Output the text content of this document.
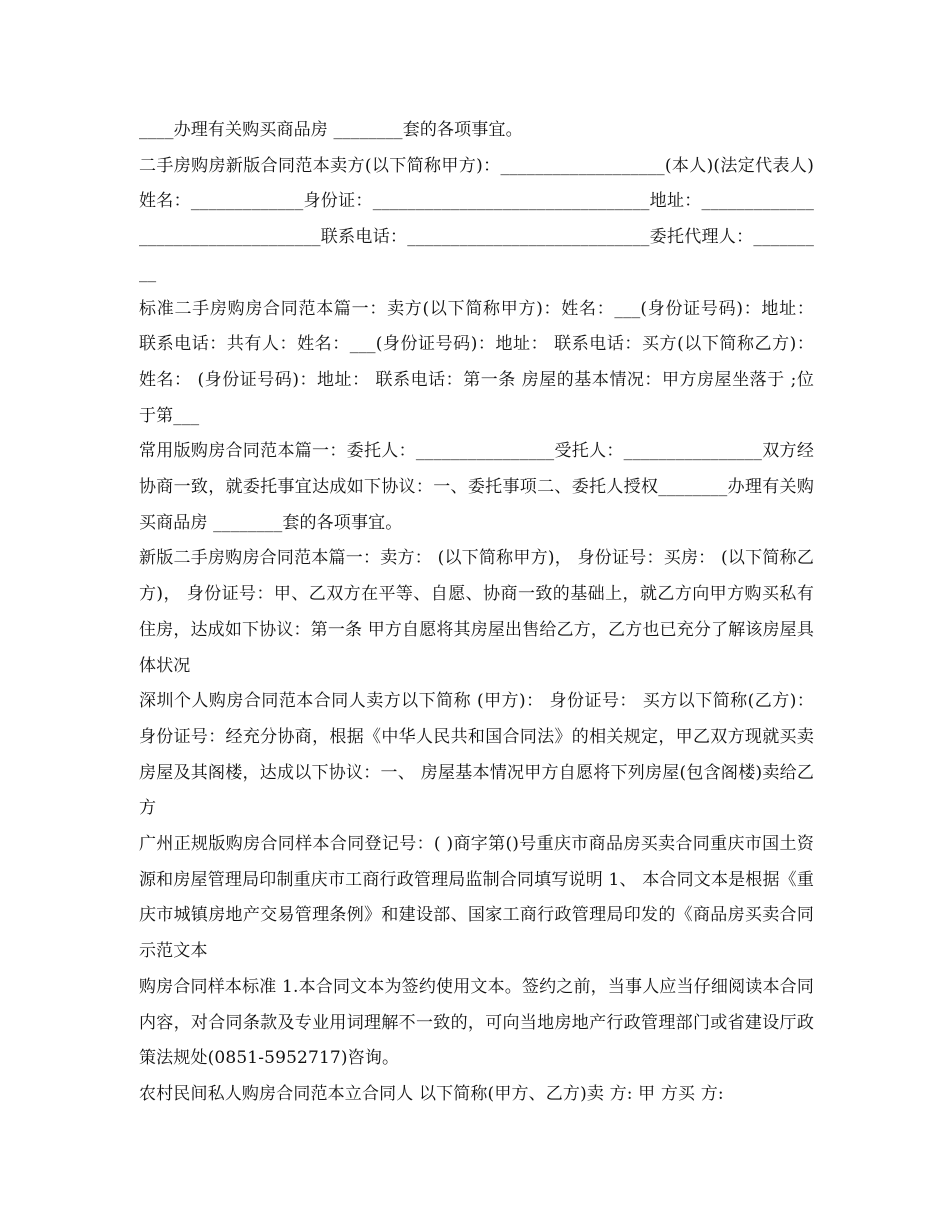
____办理有关购买商品房 ________套的各项事宜。

二手房购房新版合同范本卖方(以下简称甲方)：___________________(本人)(法定代表人)姓名：_____________身份证：________________________________地址：__________________________________联系电话：____________________________委托代理人：_________

标准二手房购房合同范本篇一：卖方(以下简称甲方)：姓名：___(身份证号码)：地址： 联系电话：共有人：姓名：___(身份证号码)：地址： 联系电话：买方(以下简称乙方)：姓名： (身份证号码)：地址： 联系电话：第一条 房屋的基本情况：甲方房屋坐落于 ;位于第___

常用版购房合同范本篇一：委托人：________________受托人：________________双方经协商一致，就委托事宜达成如下协议：一、委托事项二、委托人授权________办理有关购买商品房 ________套的各项事宜。

新版二手房购房合同范本篇一：卖方： (以下简称甲方)， 身份证号：买房： (以下简称乙方)， 身份证号：甲、乙双方在平等、自愿、协商一致的基础上，就乙方向甲方购买私有住房，达成如下协议：第一条 甲方自愿将其房屋出售给乙方，乙方也已充分了解该房屋具体状况

深圳个人购房合同范本合同人卖方以下简称 (甲方)： 身份证号： 买方以下简称(乙方)： 身份证号：经充分协商，根据《中华人民共和国合同法》的相关规定，甲乙双方现就买卖房屋及其阁楼，达成以下协议：一、 房屋基本情况甲方自愿将下列房屋(包含阁楼)卖给乙方

广州正规版购房合同样本合同登记号：( )商字第()号重庆市商品房买卖合同重庆市国土资源和房屋管理局印制重庆市工商行政管理局监制合同填写说明 1、 本合同文本是根据《重庆市城镇房地产交易管理条例》和建设部、国家工商行政管理局印发的《商品房买卖合同示范文本

购房合同样本标准 1.本合同文本为签约使用文本。签约之前，当事人应当仔细阅读本合同内容，对合同条款及专业用词理解不一致的，可向当地房地产行政管理部门或省建设厅政策法规处(0851-5952717)咨询。

农村民间私人购房合同范本立合同人 以下简称(甲方、乙方)卖 方: 甲 方买 方:
